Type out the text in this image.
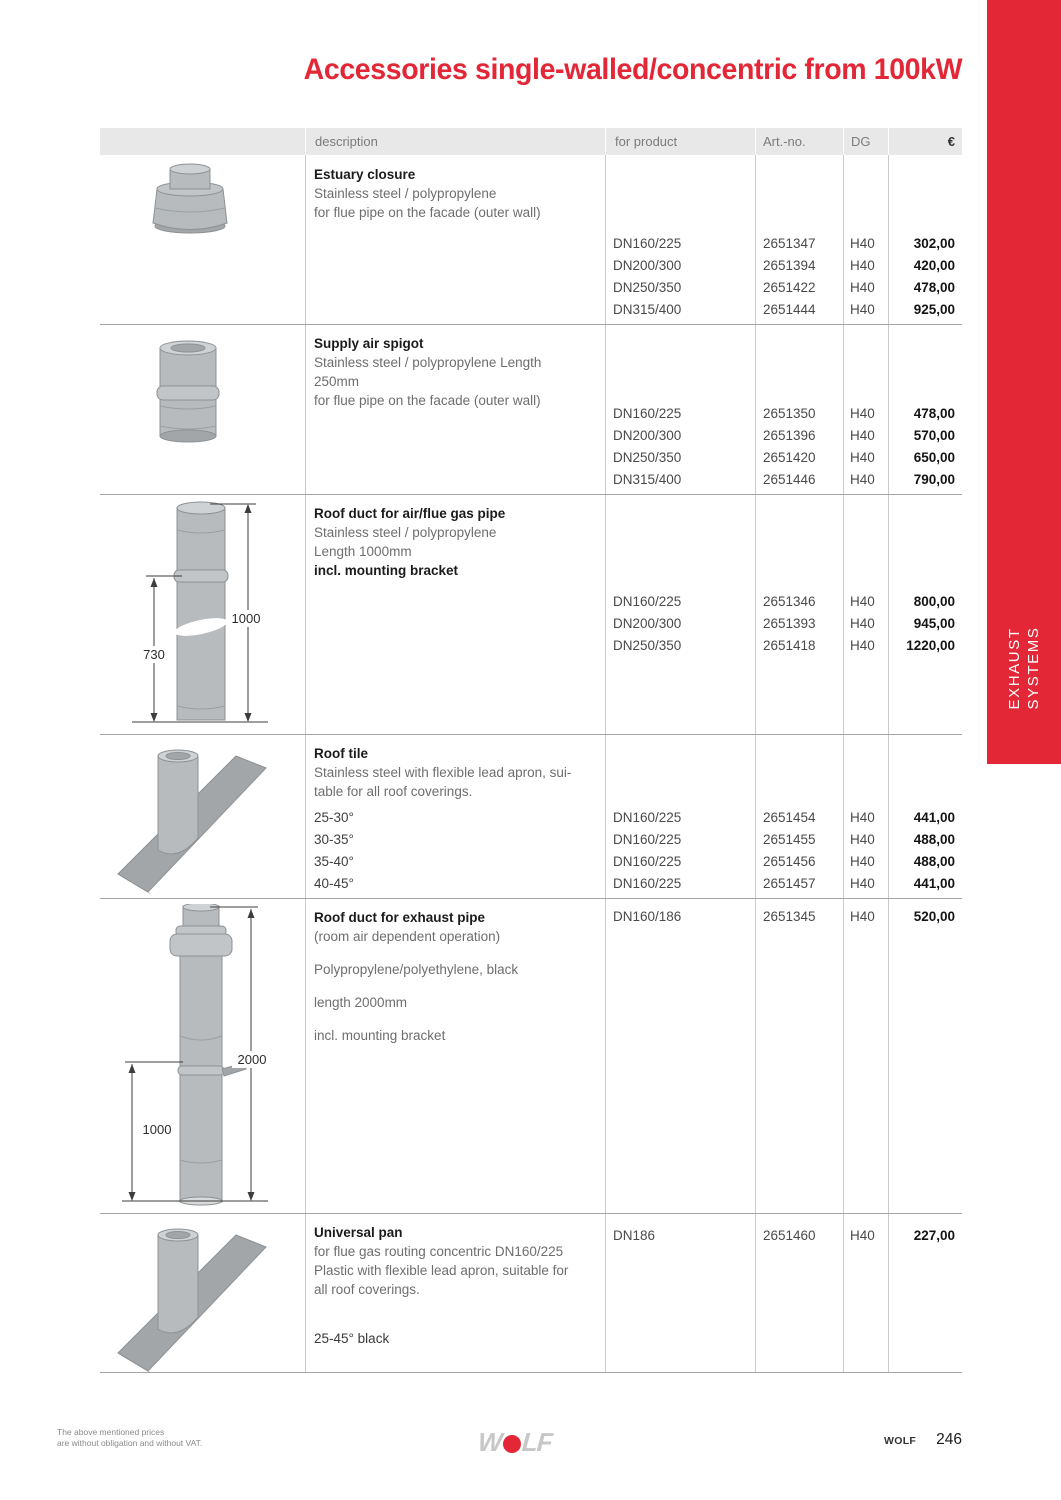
Accessories single-walled/concentric from 100kW
EXHAUST SYSTEMS
description	for product	Art.-no.	DG	€
Estuary closure
Stainless steel / polypropylene
for flue pipe on the facade (outer wall)
DN160/225	2651347	H40	302,00
DN200/300	2651394	H40	420,00
DN250/350	2651422	H40	478,00
DN315/400	2651444	H40	925,00
Supply air spigot
Stainless steel / polypropylene Length
250mm
for flue pipe on the facade (outer wall)
DN160/225	2651350	H40	478,00
DN200/300	2651396	H40	570,00
DN250/350	2651420	H40	650,00
DN315/400	2651446	H40	790,00
1000
730
Roof duct for air/flue gas pipe
Stainless steel / polypropylene
Length 1000mm
incl. mounting bracket
DN160/225	2651346	H40	800,00
DN200/300	2651393	H40	945,00
DN250/350	2651418	H40	1220,00
Roof tile
Stainless steel with flexible lead apron, sui-
table for all roof coverings.
25-30°	DN160/225	2651454	H40	441,00
30-35°	DN160/225	2651455	H40	488,00
35-40°	DN160/225	2651456	H40	488,00
40-45°	DN160/225	2651457	H40	441,00
2000
1000
Roof duct for exhaust pipe
(room air dependent operation)
Polypropylene/polyethylene, black
length 2000mm
incl. mounting bracket
DN160/186	2651345	H40	520,00
Universal pan
for flue gas routing concentric DN160/225
Plastic with flexible lead apron, suitable for
all roof coverings.
25-45° black
DN186	2651460	H40	227,00
The above mentioned prices
are without obligation and without VAT.	W LF	WOLF 246
